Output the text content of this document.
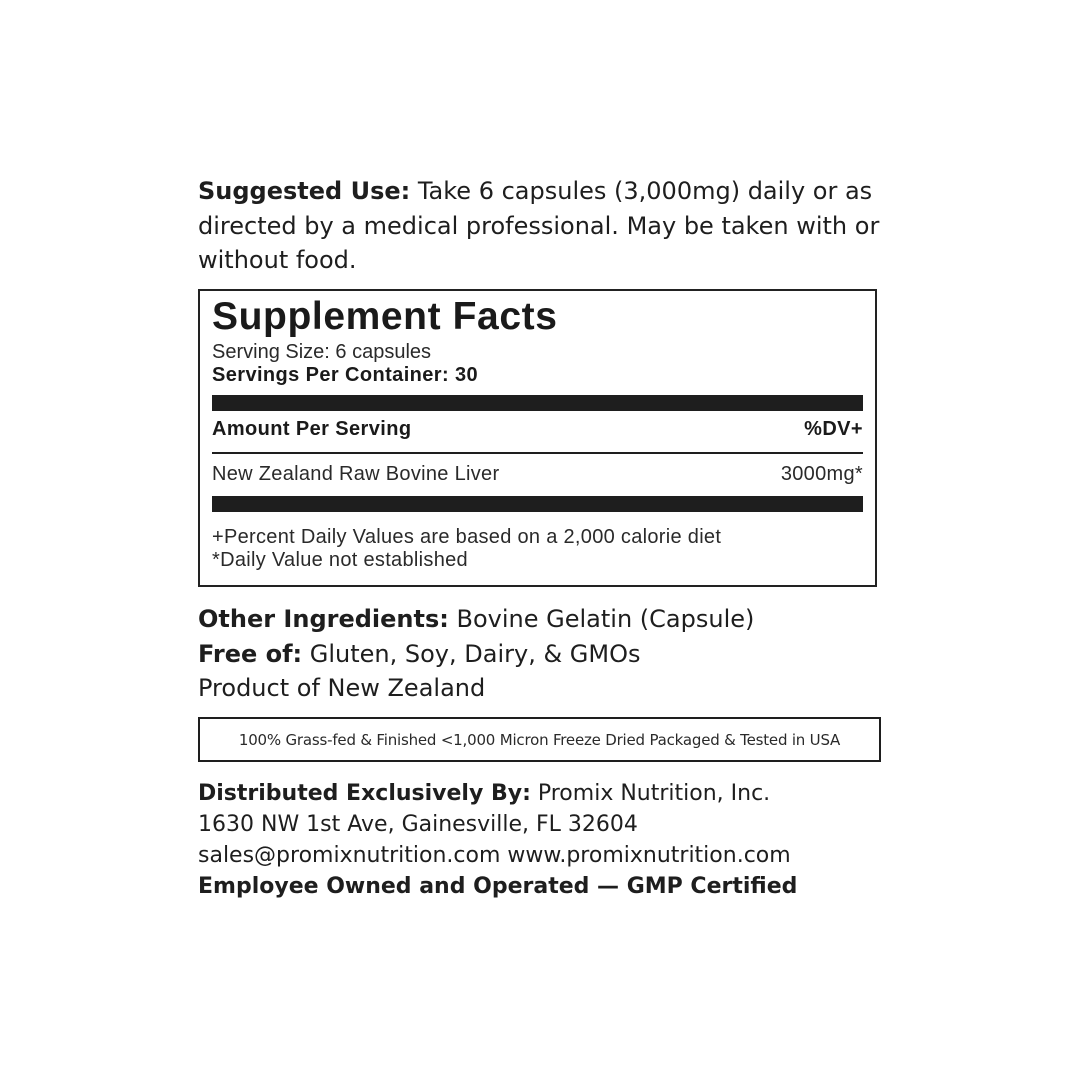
Suggested Use: Take 6 capsules (3,000mg) daily or as directed by a medical professional. May be taken with or without food.
Supplement Facts
Serving Size: 6 capsules
Servings Per Container: 30
Amount Per Serving	%DV+
New Zealand Raw Bovine Liver	3000mg*
+Percent Daily Values are based on a 2,000 calorie diet
*Daily Value not established
Other Ingredients: Bovine Gelatin (Capsule)
Free of: Gluten, Soy, Dairy, & GMOs
Product of New Zealand
100% Grass-fed & Finished <1,000 Micron Freeze Dried Packaged & Tested in USA
Distributed Exclusively By: Promix Nutrition, Inc.
1630 NW 1st Ave, Gainesville, FL 32604
sales@promixnutrition.com www.promixnutrition.com
Employee Owned and Operated — GMP Certified
